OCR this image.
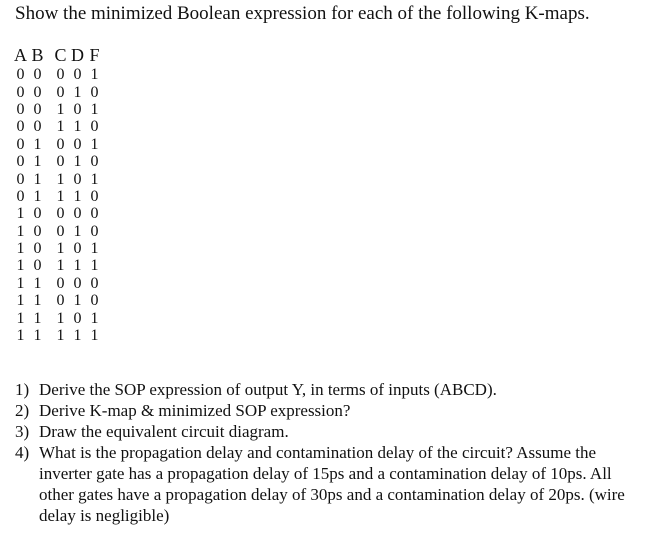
Show the minimized Boolean expression for each of the following K-maps.
A	B		C	D	F
0	0		0	0	1
0	0		0	1	0
0	0		1	0	1
0	0		1	1	0
0	1		0	0	1
0	1		0	1	0
0	1		1	0	1
0	1		1	1	0
1	0		0	0	0
1	0		0	1	0
1	0		1	0	1
1	0		1	1	1
1	1		0	0	0
1	1		0	1	0
1	1		1	0	1
1	1		1	1	1
1) Derive the SOP expression of output Y, in terms of inputs (ABCD).
2) Derive K-map & minimized SOP expression?
3) Draw the equivalent circuit diagram.
4) What is the propagation delay and contamination delay of the circuit? Assume the inverter gate has a propagation delay of 15ps and a contamination delay of 10ps. All other gates have a propagation delay of 30ps and a contamination delay of 20ps. (wire delay is negligible)
